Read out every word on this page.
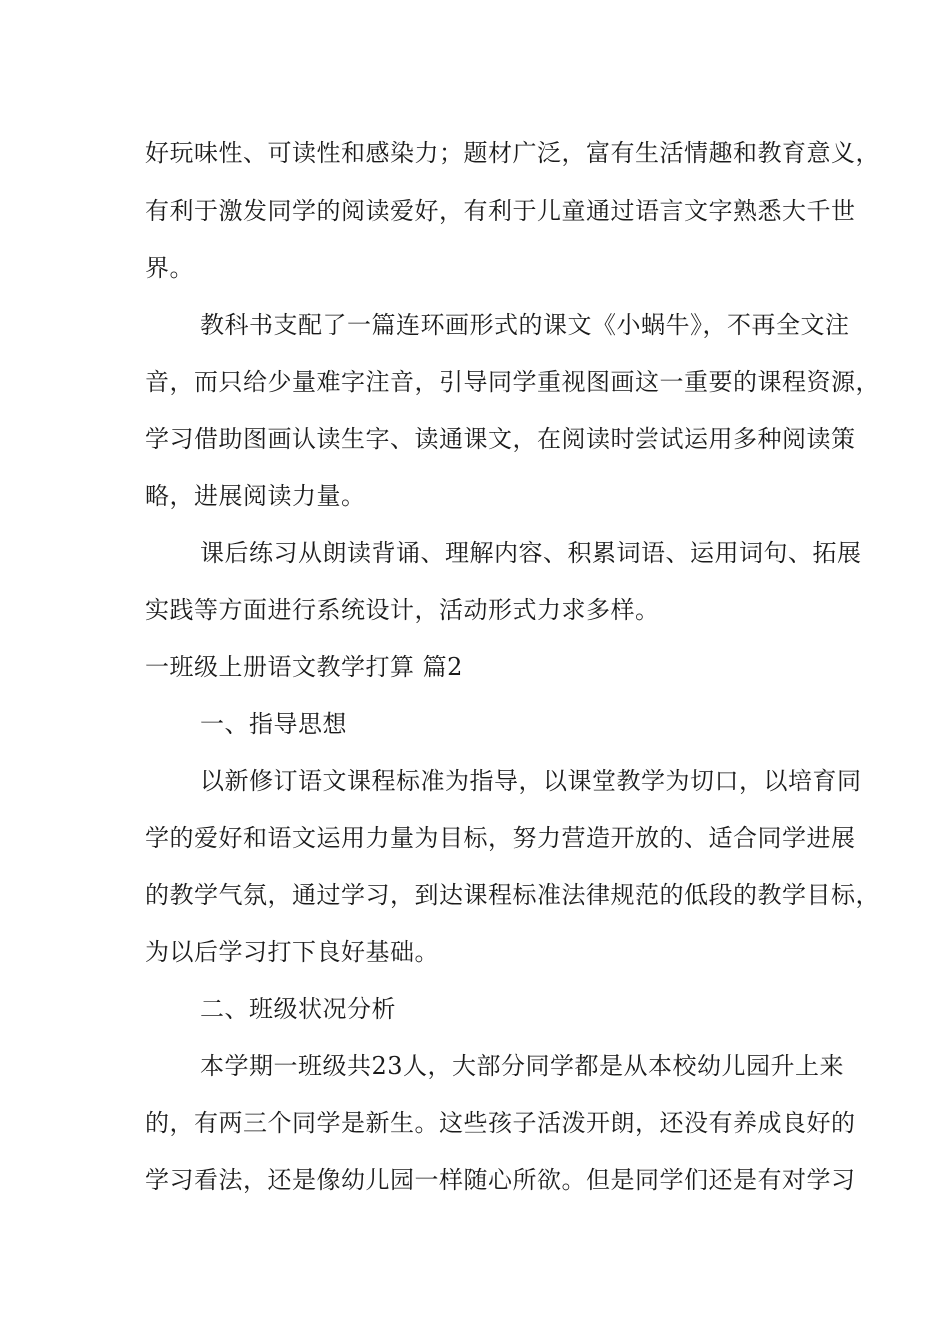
好玩味性、可读性和感染力；题材广泛，富有生活情趣和教育意义，
有利于激发同学的阅读爱好，有利于儿童通过语言文字熟悉大千世
界。
教科书支配了一篇连环画形式的课文《小蜗牛》，不再全文注
音，而只给少量难字注音，引导同学重视图画这一重要的课程资源，
学习借助图画认读生字、读通课文，在阅读时尝试运用多种阅读策
略，进展阅读力量。
课后练习从朗读背诵、理解内容、积累词语、运用词句、拓展
实践等方面进行系统设计，活动形式力求多样。
一班级上册语文教学打算 篇2
一、指导思想
以新修订语文课程标准为指导，以课堂教学为切口，以培育同
学的爱好和语文运用力量为目标，努力营造开放的、适合同学进展
的教学气氛，通过学习，到达课程标准法律规范的低段的教学目标，
为以后学习打下良好基础。
二、班级状况分析
本学期一班级共23人，大部分同学都是从本校幼儿园升上来
的，有两三个同学是新生。这些孩子活泼开朗，还没有养成良好的
学习看法，还是像幼儿园一样随心所欲。但是同学们还是有对学习
